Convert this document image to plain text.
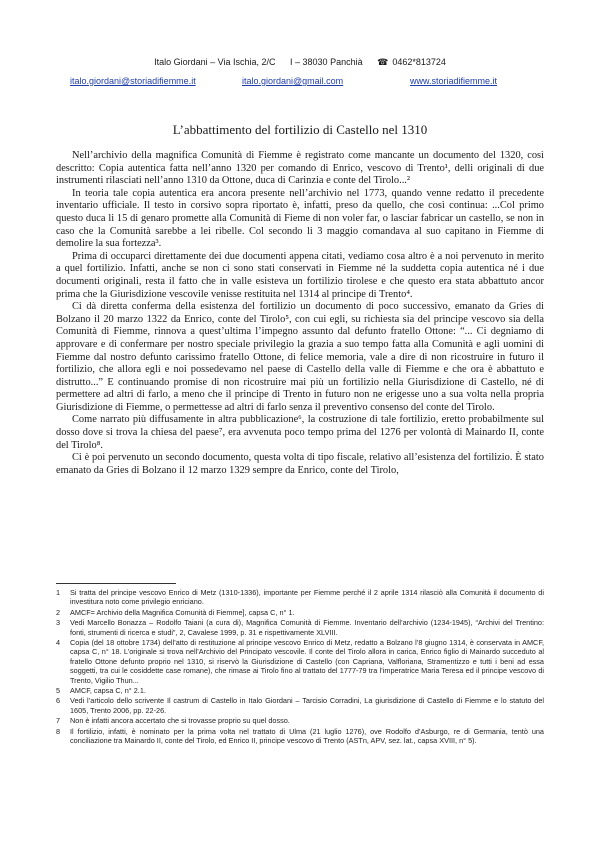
Italo Giordani – Via Ischia, 2/C I – 38030 Panchià ☎ 0462*813724
italo.giordani@storiadifiemme.it	italo.giordani@gmail.com	www.storiadifiemme.it
L’abbattimento del fortilizio di Castello nel 1310

Nell’archivio della magnifica Comunità di Fiemme è registrato come mancante un documento del 1320, così descritto: Copia autentica fatta nell’anno 1320 per comando di Enrico, vescovo di Trento¹, delli originali di due instrumenti rilasciati nell’anno 1310 da Ottone, duca di Carinzia e conte del Tirolo...²

In teoria tale copia autentica era ancora presente nell’archivio nel 1773, quando venne redatto il precedente inventario ufficiale. Il testo in corsivo sopra riportato è, infatti, preso da quello, che così continua: ...Col primo questo duca li 15 di genaro promette alla Comunità di Fieme di non voler far, o lasciar fabricar un castello, se non in caso che la Comunità sarebbe a lei ribelle. Col secondo li 3 maggio comandava al suo capitano in Fiemme di demolire la sua fortezza³.

Prima di occuparci direttamente dei due documenti appena citati, vediamo cosa altro è a noi pervenuto in merito a quel fortilizio. Infatti, anche se non ci sono stati conservati in Fiemme né la suddetta copia autentica né i due documenti originali, resta il fatto che in valle esisteva un fortilizio tirolese e che questo era stata abbattuto ancor prima che la Giurisdizione vescovile venisse restituita nel 1314 al principe di Trento⁴.

Ci dà diretta conferma della esistenza del fortilizio un documento di poco successivo, emanato da Gries di Bolzano il 20 marzo 1322 da Enrico, conte del Tirolo⁵, con cui egli, su richiesta sia del principe vescovo sia della Comunità di Fiemme, rinnova a quest’ultima l’impegno assunto dal defunto fratello Ottone: “... Ci degniamo di approvare e di confermare per nostro speciale privilegio la grazia a suo tempo fatta alla Comunità e agli uomini di Fiemme dal nostro defunto carissimo fratello Ottone, di felice memoria, vale a dire di non ricostruire in futuro il fortilizio, che allora egli e noi possedevamo nel paese di Castello della valle di Fiemme e che ora è abbattuto e distrutto...” E continuando promise di non ricostruire mai più un fortilizio nella Giurisdizione di Castello, né di permettere ad altri di farlo, a meno che il principe di Trento in futuro non ne erigesse uno a sua volta nella propria Giurisdizione di Fiemme, o permettesse ad altri di farlo senza il preventivo consenso del conte del Tirolo.

Come narrato più diffusamente in altra pubblicazione⁶, la costruzione di tale fortilizio, eretto probabilmente sul dosso dove si trova la chiesa del paese⁷, era avvenuta poco tempo prima del 1276 per volontà di Mainardo II, conte del Tirolo⁸.

Ci è poi pervenuto un secondo documento, questa volta di tipo fiscale, relativo all’esistenza del fortilizio. È stato emanato da Gries di Bolzano il 12 marzo 1329 sempre da Enrico, conte del Tirolo,

1	Si tratta del principe vescovo Enrico di Metz (1310-1336), importante per Fiemme perché il 2 aprile 1314 rilasciò alla Comunità il documento di investitura noto come privilegio enriciano.
2	AMCF= Archivio della Magnifica Comunità di Fiemme], capsa C, n° 1.
3	Vedi Marcello Bonazza – Rodolfo Taiani (a cura di), Magnifica Comunità di Fiemme. Inventario dell’archivio (1234-1945), “Archivi del Trentino: fonti, strumenti di ricerca e studi”, 2, Cavalese 1999, p. 31 e rispettivamente XLVIII.
4	Copia (del 18 ottobre 1734) dell’atto di restituzione al principe vescovo Enrico di Metz, redatto a Bolzano l’8 giugno 1314, è conservata in AMCF, capsa C, n° 18. L’originale si trova nell’Archivio del Principato vescovile. Il conte del Tirolo allora in carica, Enrico figlio di Mainardo succeduto al fratello Ottone defunto proprio nel 1310, si riservò la Giurisdizione di Castello (con Capriana, Valfloriana, Stramentizzo e tutti i beni ad essa soggetti, tra cui le cosiddette case romane), che rimase ai Tirolo fino al trattato del 1777-79 tra l’imperatrice Maria Teresa ed il principe vescovo di Trento, Vigilio Thun...
5	AMCF, capsa C, n° 2.1.
6	Vedi l’articolo dello scrivente Il castrum di Castello in Italo Giordani – Tarcisio Corradini, La giurisdizione di Castello di Fiemme e lo statuto del 1605, Trento 2006, pp. 22-26.
7	Non è infatti ancora accertato che si trovasse proprio su quel dosso.
8	Il fortilizio, infatti, è nominato per la prima volta nel trattato di Ulma (21 luglio 1276), ove Rodolfo d’Asburgo, re di Germania, tentò una conciliazione tra Mainardo II, conte del Tirolo, ed Enrico II, principe vescovo di Trento (ASTn, APV, sez. lat., capsa XVIII, n° 5).
